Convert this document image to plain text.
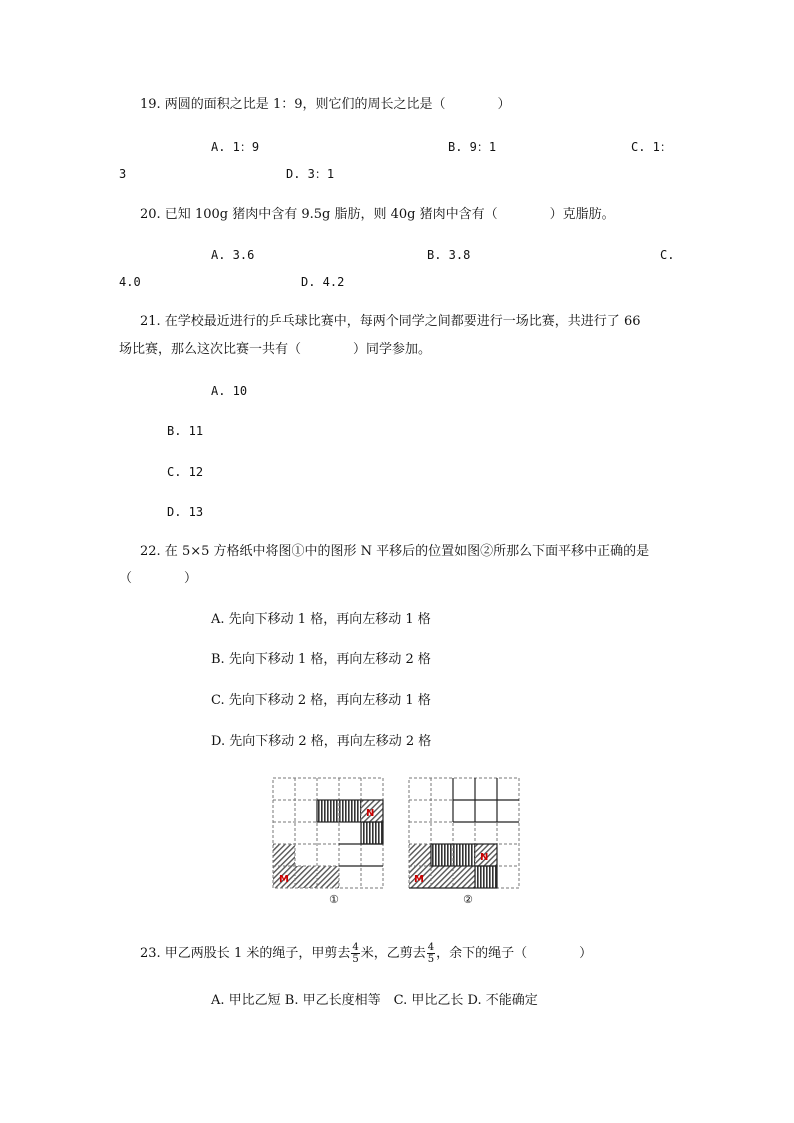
19. 两圆的面积之比是 1：9，则它们的周长之比是（　　　　）
A. 1：9	B. 9：1	C. 1：
3	D. 3：1
20. 已知 100g 猪肉中含有 9.5g 脂肪，则 40g 猪肉中含有（　　　　）克脂肪。
A. 3.6	B. 3.8	C.
4.0	D. 4.2
21. 在学校最近进行的乒乓球比赛中，每两个同学之间都要进行一场比赛，共进行了 66
场比赛，那么这次比赛一共有（　　　　）同学参加。
A. 10
B. 11
C. 12
D. 13
22. 在 5×5 方格纸中将图①中的图形 N 平移后的位置如图②所那么下面平移中正确的是
（　　　　）
A. 先向下移动 1 格，再向左移动 1 格
B. 先向下移动 1 格，再向左移动 2 格
C. 先向下移动 2 格，再向左移动 1 格
D. 先向下移动 2 格，再向左移动 2 格
N
M
①
N
M
②
23. 甲乙两股长 1 米的绳子，甲剪去 $\frac{4}{5}$ 米，乙剪去 $\frac{4}{5}$ ，余下的绳子（　　　　）
A. 甲比乙短 B. 甲乙长度相等　C. 甲比乙长 D. 不能确定
